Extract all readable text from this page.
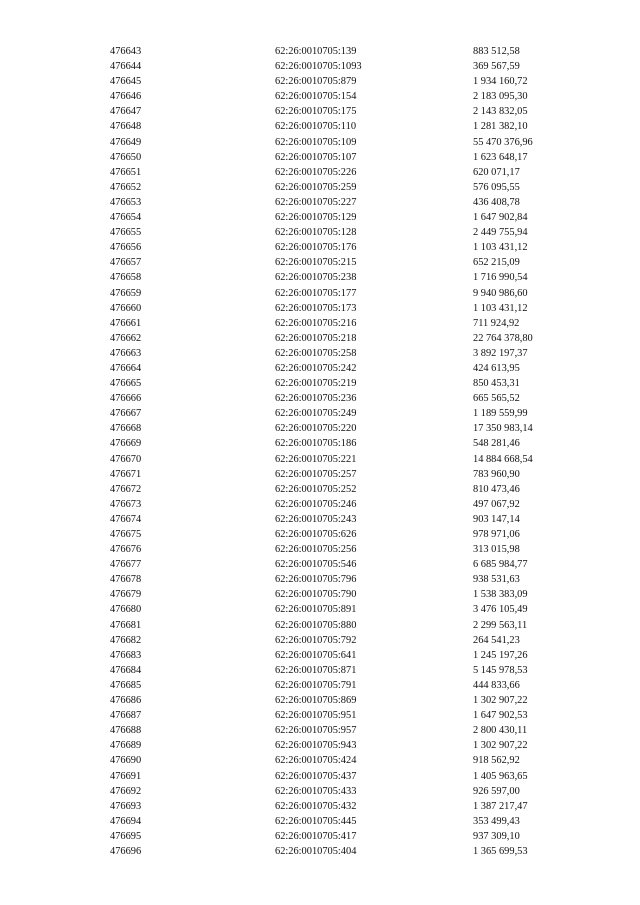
476643	62:26:0010705:139	883 512,58
476644	62:26:0010705:1093	369 567,59
476645	62:26:0010705:879	1 934 160,72
476646	62:26:0010705:154	2 183 095,30
476647	62:26:0010705:175	2 143 832,05
476648	62:26:0010705:110	1 281 382,10
476649	62:26:0010705:109	55 470 376,96
476650	62:26:0010705:107	1 623 648,17
476651	62:26:0010705:226	620 071,17
476652	62:26:0010705:259	576 095,55
476653	62:26:0010705:227	436 408,78
476654	62:26:0010705:129	1 647 902,84
476655	62:26:0010705:128	2 449 755,94
476656	62:26:0010705:176	1 103 431,12
476657	62:26:0010705:215	652 215,09
476658	62:26:0010705:238	1 716 990,54
476659	62:26:0010705:177	9 940 986,60
476660	62:26:0010705:173	1 103 431,12
476661	62:26:0010705:216	711 924,92
476662	62:26:0010705:218	22 764 378,80
476663	62:26:0010705:258	3 892 197,37
476664	62:26:0010705:242	424 613,95
476665	62:26:0010705:219	850 453,31
476666	62:26:0010705:236	665 565,52
476667	62:26:0010705:249	1 189 559,99
476668	62:26:0010705:220	17 350 983,14
476669	62:26:0010705:186	548 281,46
476670	62:26:0010705:221	14 884 668,54
476671	62:26:0010705:257	783 960,90
476672	62:26:0010705:252	810 473,46
476673	62:26:0010705:246	497 067,92
476674	62:26:0010705:243	903 147,14
476675	62:26:0010705:626	978 971,06
476676	62:26:0010705:256	313 015,98
476677	62:26:0010705:546	6 685 984,77
476678	62:26:0010705:796	938 531,63
476679	62:26:0010705:790	1 538 383,09
476680	62:26:0010705:891	3 476 105,49
476681	62:26:0010705:880	2 299 563,11
476682	62:26:0010705:792	264 541,23
476683	62:26:0010705:641	1 245 197,26
476684	62:26:0010705:871	5 145 978,53
476685	62:26:0010705:791	444 833,66
476686	62:26:0010705:869	1 302 907,22
476687	62:26:0010705:951	1 647 902,53
476688	62:26:0010705:957	2 800 430,11
476689	62:26:0010705:943	1 302 907,22
476690	62:26:0010705:424	918 562,92
476691	62:26:0010705:437	1 405 963,65
476692	62:26:0010705:433	926 597,00
476693	62:26:0010705:432	1 387 217,47
476694	62:26:0010705:445	353 499,43
476695	62:26:0010705:417	937 309,10
476696	62:26:0010705:404	1 365 699,53
